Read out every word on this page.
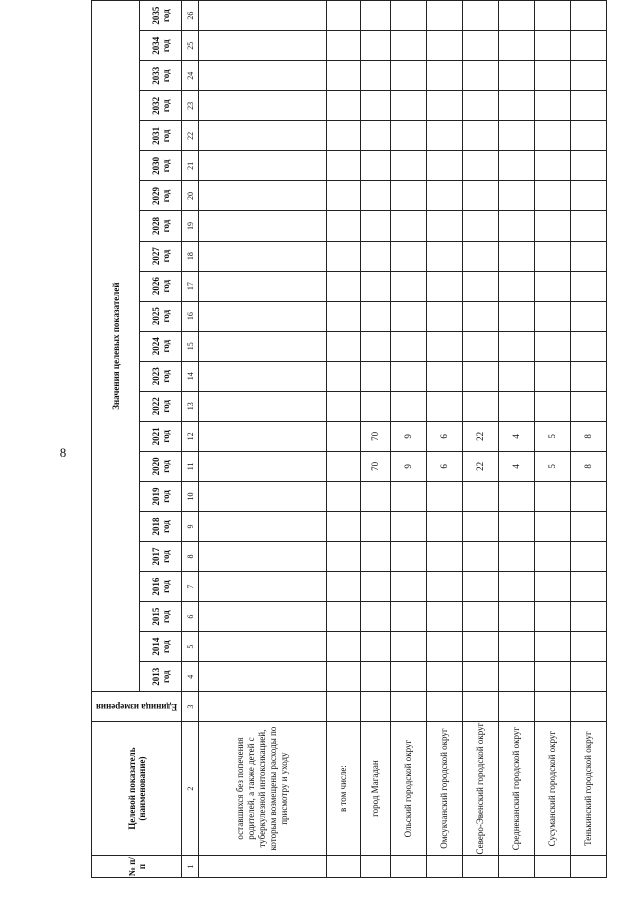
8
№ п/п	Целевой показатель (наименование)	Единица измерения	Значения целевых показателей																						
			2013 год	2014 год	2015 год	2016 год	2017 год	2018 год	2019 год	2020 год	2021 год	2022 год	2023 год	2024 год	2025 год	2026 год	2027 год	2028 год	2029 год	2030 год	2031 год	2032 год	2033 год	2034 год	2035 год
1	2	3	4	5	6	7	8	9	10	11	12	13	14	15	16	17	18	19	20	21	22	23	24	25	26
	оставшихся без попечения родителей, а также детей с туберкулезной интоксикацией, которым возмещены расходы по присмотру и уходу																								
	в том числе:																								
	город Магадан									70	70														
	Ольский городской округ									9	9														
	Омсукчанский городской округ									6	6														
	Северо-Эвенский городской округ									22	22														
	Среднеканский городской округ									4	4														
	Сусуманский городской округ									5	5														
	Тенькинский городской округ									8	8														
